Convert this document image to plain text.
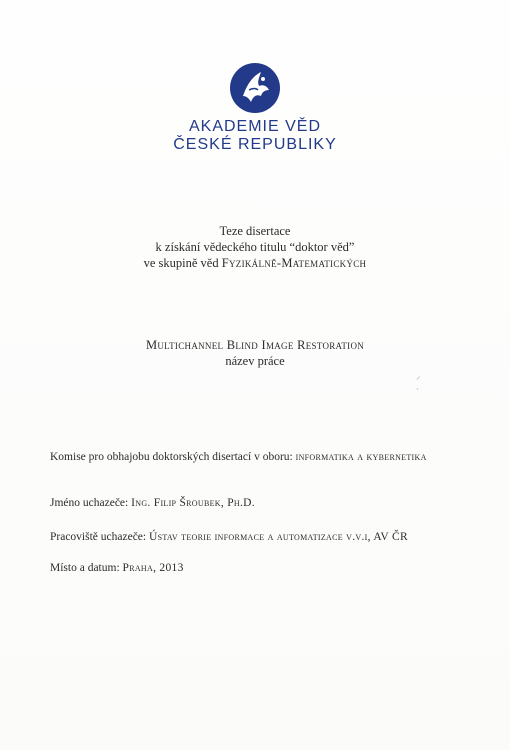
AKADEMIE VĚD
ČESKÉ REPUBLIKY
Teze disertace
k získání vědeckého titulu “doktor věd”
ve skupině věd Fyzikálně-Matematických
Multichannel Blind Image Restoration
název práce
⸝
ˏ
Komise pro obhajobu doktorských disertací v oboru: informatika a kybernetika
Jméno uchazeče: Ing. Filip Šroubek, Ph.D.
Pracoviště uchazeče: Ústav teorie informace a automatizace v.v.i, AV ČR
Místo a datum: Praha, 2013
